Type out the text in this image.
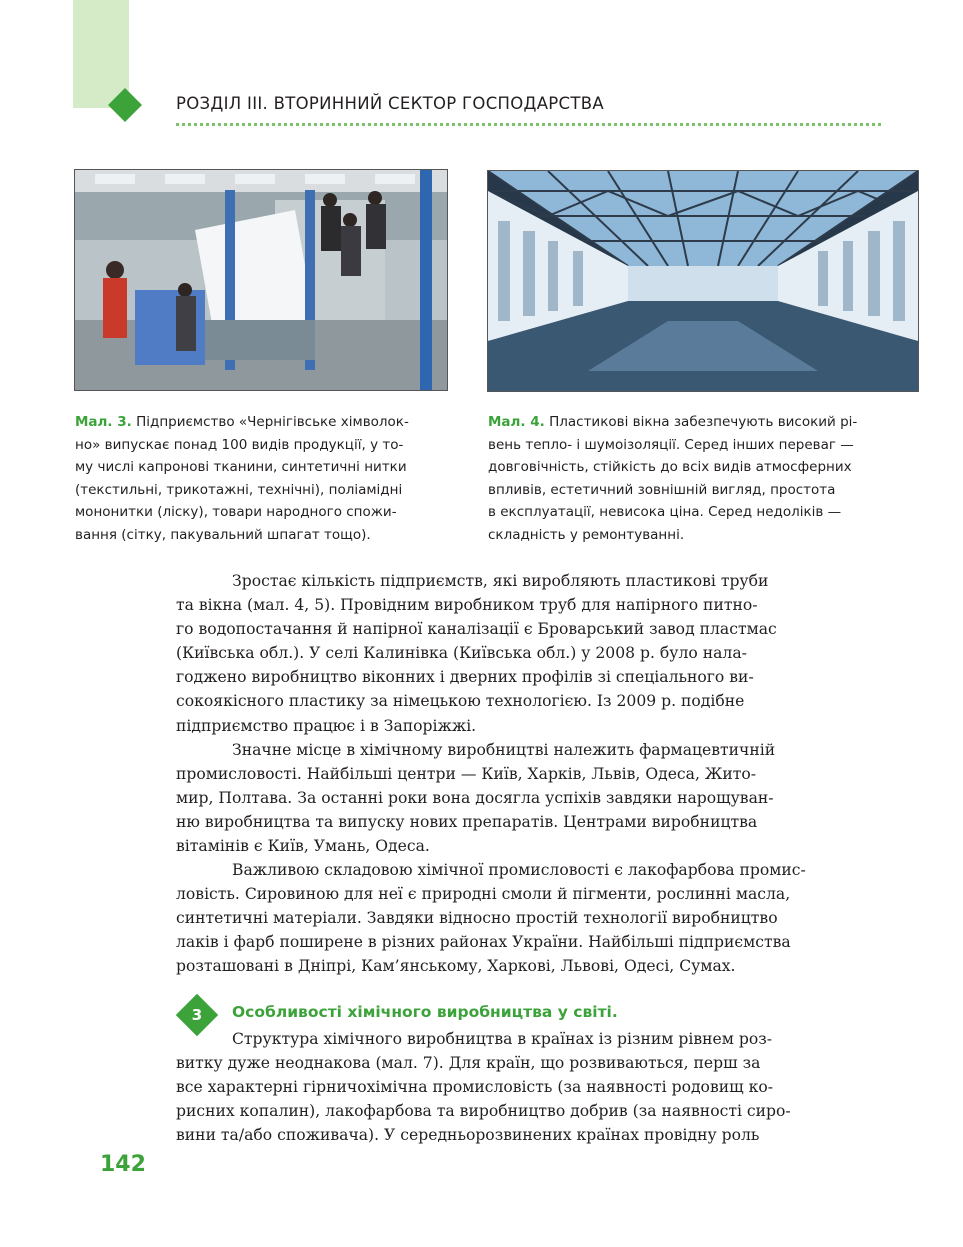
РОЗДІЛ III. ВТОРИННИЙ СЕКТОР ГОСПОДАРСТВА

Мал. 3. Підприємство «Чернігівське хімволок-
но» випускає понад 100 видів продукції, у то-
му числі капронові тканини, синтетичні нитки
(текстильні, трикотажні, технічні), поліамідні
мононитки (ліску), товари народного спожи-
вання (сітку, пакувальний шпагат тощо).

Мал. 4. Пластикові вікна забезпечують високий рі-
вень тепло- і шумоізоляції. Серед інших переваг —
довговічність, стійкість до всіх видів атмосферних
впливів, естетичний зовнішній вигляд, простота
в експлуатації, невисока ціна. Серед недоліків —
складність у ремонтуванні.

Зростає кількість підприємств, які виробляють пластикові труби
та вікна (мал. 4, 5). Провідним виробником труб для напірного питно-
го водопостачання й напірної каналізації є Броварський завод пластмас
(Київська обл.). У селі Калинівка (Київська обл.) у 2008 р. було нала-
годжено виробництво віконних і дверних профілів зі спеціального ви-
сокоякісного пластику за німецькою технологією. Із 2009 р. подібне
підприємство працює і в Запоріжжі.

Значне місце в хімічному виробництві належить фармацевтичній
промисловості. Найбільші центри — Київ, Харків, Львів, Одеса, Жито-
мир, Полтава. За останні роки вона досягла успіхів завдяки нарощуван-
ню виробництва та випуску нових препаратів. Центрами виробництва
вітамінів є Київ, Умань, Одеса.

Важливою складовою хімічної промисловості є лакофарбова промис-
ловість. Сировиною для неї є природні смоли й пігменти, рослинні масла,
синтетичні матеріали. Завдяки відносно простій технології виробництво
лаків і фарб поширене в різних районах України. Найбільші підприємства
розташовані в Дніпрі, Кам’янському, Харкові, Львові, Одесі, Сумах.

3	Особливості хімічного виробництва у світі.

Структура хімічного виробництва в країнах із різним рівнем роз-
витку дуже неоднакова (мал. 7). Для країн, що розвиваються, перш за
все характерні гірничохімічна промисловість (за наявності родовищ ко-
рисних копалин), лакофарбова та виробництво добрив (за наявності сиро-
вини та/або споживача). У середньорозвинених країнах провідну роль

142
